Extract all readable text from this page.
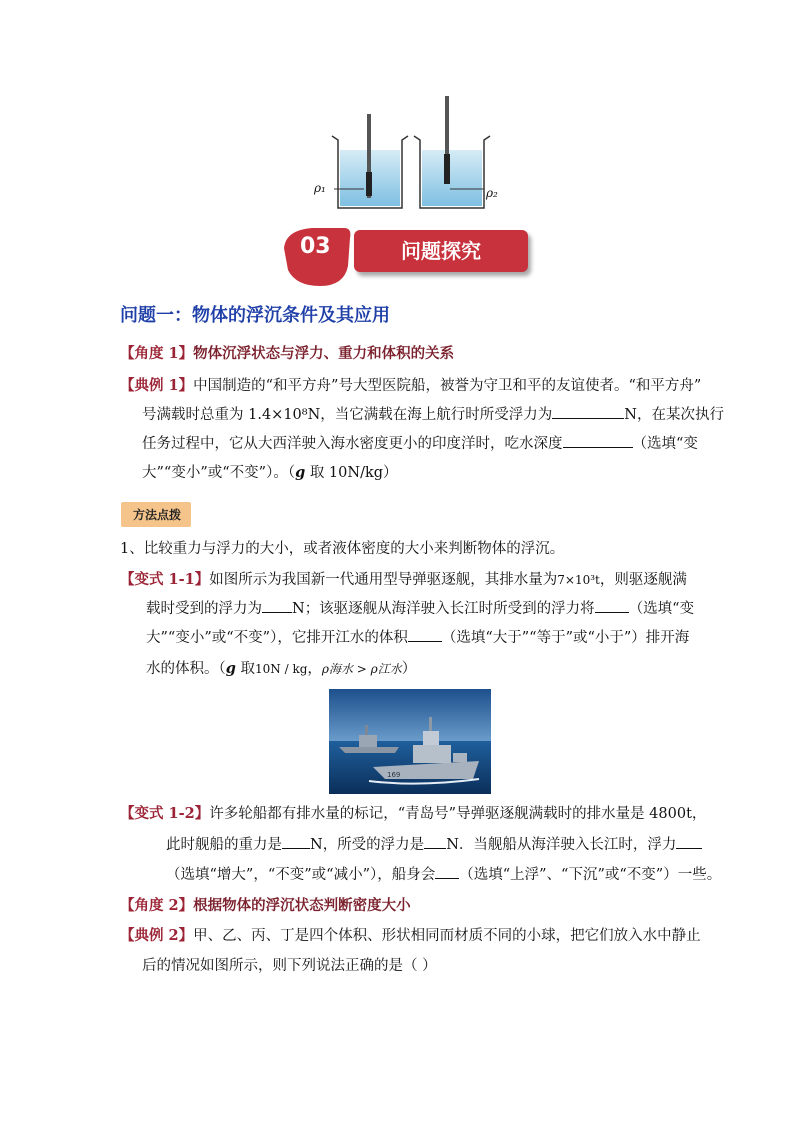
ρ₁	ρ₂
03	问题探究
问题一：物体的浮沉条件及其应用
【角度 1】物体沉浮状态与浮力、重力和体积的关系
【典例 1】中国制造的“和平方舟”号大型医院船，被誉为守卫和平的友谊使者。“和平方舟”
号满载时总重为 1.4×10⁸N，当它满载在海上航行时所受浮力为	N，在某次执行
任务过程中，它从大西洋驶入海水密度更小的印度洋时，吃水深度	（选填“变
大”“变小”或“不变”）。（g 取 10N/kg）
方法点拨
1、比较重力与浮力的大小，或者液体密度的大小来判断物体的浮沉。
【变式 1-1】如图所示为我国新一代通用型导弹驱逐舰，其排水量为7×10³t，则驱逐舰满
载时受到的浮力为 N；该驱逐舰从海洋驶入长江时所受到的浮力将 （选填“变
大”“变小”或“不变”），它排开江水的体积 （选填“大于”“等于”或“小于”）排开海
水的体积。（g 取10N / kg，ρ海水 > ρ江水）
169
【变式 1-2】许多轮船都有排水量的标记，“青岛号”导弹驱逐舰满载时的排水量是 4800t，
此时舰船的重力是 N，所受的浮力是 N．当舰船从海洋驶入长江时，浮力
（选填“增大”，“不变”或“减小”），船身会 （选填“上浮”、“下沉”或“不变”）一些。
【角度 2】根据物体的浮沉状态判断密度大小
【典例 2】甲、乙、丙、丁是四个体积、形状相同而材质不同的小球，把它们放入水中静止
后的情况如图所示，则下列说法正确的是（ ）
